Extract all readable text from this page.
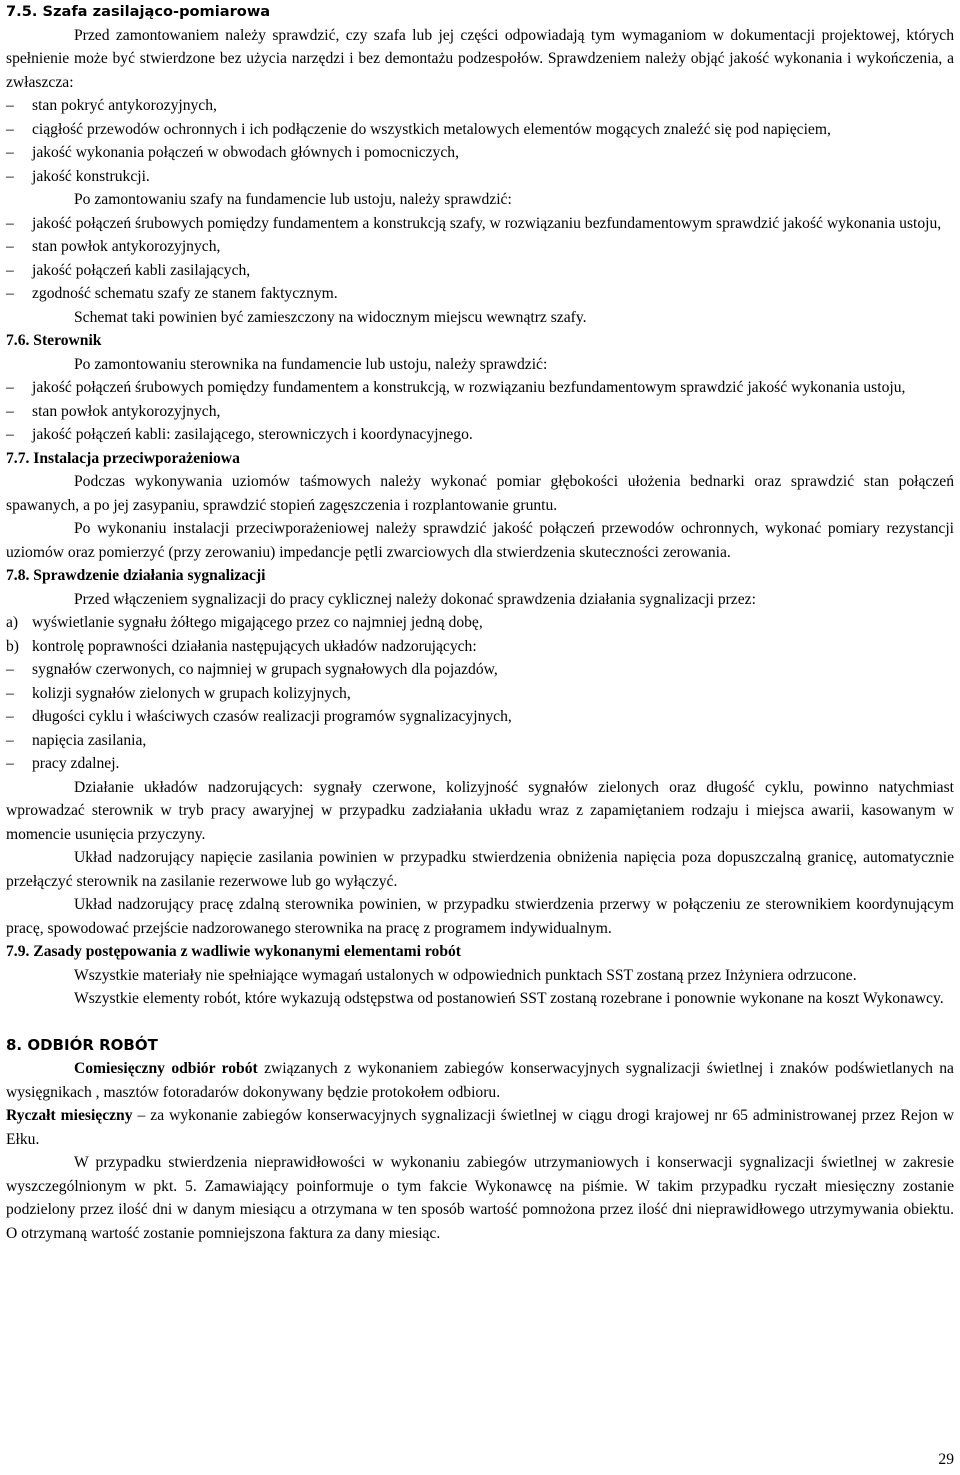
7.5. Szafa zasilająco-pomiarowa
Przed zamontowaniem należy sprawdzić, czy szafa lub jej części odpowiadają tym wymaganiom w dokumentacji projektowej, których spełnienie może być stwierdzone bez użycia narzędzi i bez demontażu podzespołów. Sprawdzeniem należy objąć jakość wykonania i wykończenia, a zwłaszcza:
– stan pokryć antykorozyjnych,
– ciągłość przewodów ochronnych i ich podłączenie do wszystkich metalowych elementów mogących znaleźć się pod napięciem,
– jakość wykonania połączeń w obwodach głównych i pomocniczych,
– jakość konstrukcji.
Po zamontowaniu szafy na fundamencie lub ustoju, należy sprawdzić:
– jakość połączeń śrubowych pomiędzy fundamentem a konstrukcją szafy, w rozwiązaniu bezfundamentowym sprawdzić jakość wykonania ustoju,
– stan powłok antykorozyjnych,
– jakość połączeń kabli zasilających,
– zgodność schematu szafy ze stanem faktycznym.
Schemat taki powinien być zamieszczony na widocznym miejscu wewnątrz szafy.
7.6. Sterownik
Po zamontowaniu sterownika na fundamencie lub ustoju, należy sprawdzić:
– jakość połączeń śrubowych pomiędzy fundamentem a konstrukcją, w rozwiązaniu bezfundamentowym sprawdzić jakość wykonania ustoju,
– stan powłok antykorozyjnych,
– jakość połączeń kabli: zasilającego, sterowniczych i koordynacyjnego.
7.7. Instalacja przeciwporażeniowa
Podczas wykonywania uziomów taśmowych należy wykonać pomiar głębokości ułożenia bednarki oraz sprawdzić stan połączeń spawanych, a po jej zasypaniu, sprawdzić stopień zagęszczenia i rozplantowanie gruntu.
Po wykonaniu instalacji przeciwporażeniowej należy sprawdzić jakość połączeń przewodów ochronnych, wykonać pomiary rezystancji uziomów oraz pomierzyć (przy zerowaniu) impedancje pętli zwarciowych dla stwierdzenia skuteczności zerowania.
7.8. Sprawdzenie działania sygnalizacji
Przed włączeniem sygnalizacji do pracy cyklicznej należy dokonać sprawdzenia działania sygnalizacji przez:
a) wyświetlanie sygnału żółtego migającego przez co najmniej jedną dobę,
b) kontrolę poprawności działania następujących układów nadzorujących:
– sygnałów czerwonych, co najmniej w grupach sygnałowych dla pojazdów,
– kolizji sygnałów zielonych w grupach kolizyjnych,
– długości cyklu i właściwych czasów realizacji programów sygnalizacyjnych,
– napięcia zasilania,
– pracy zdalnej.
Działanie układów nadzorujących: sygnały czerwone, kolizyjność sygnałów zielonych oraz długość cyklu, powinno natychmiast wprowadzać sterownik w tryb pracy awaryjnej w przypadku zadziałania układu wraz z zapamiętaniem rodzaju i miejsca awarii, kasowanym w momencie usunięcia przyczyny.
Układ nadzorujący napięcie zasilania powinien w przypadku stwierdzenia obniżenia napięcia poza dopuszczalną granicę, automatycznie przełączyć sterownik na zasilanie rezerwowe lub go wyłączyć.
Układ nadzorujący pracę zdalną sterownika powinien, w przypadku stwierdzenia przerwy w połączeniu ze sterownikiem koordynującym pracę, spowodować przejście nadzorowanego sterownika na pracę z programem indywidualnym.
7.9. Zasady postępowania z wadliwie wykonanymi elementami robót
Wszystkie materiały nie spełniające wymagań ustalonych w odpowiednich punktach SST zostaną przez Inżyniera odrzucone.
Wszystkie elementy robót, które wykazują odstępstwa od postanowień SST zostaną rozebrane i ponownie wykonane na koszt Wykonawcy.
8. ODBIÓR ROBÓT
Comiesięczny odbiór robót związanych z wykonaniem zabiegów konserwacyjnych sygnalizacji świetlnej i znaków podświetlanych na wysięgnikach , masztów fotoradarów dokonywany będzie protokołem odbioru.
Ryczałt miesięczny – za wykonanie zabiegów konserwacyjnych sygnalizacji świetlnej w ciągu drogi krajowej nr 65 administrowanej przez Rejon w Ełku.
W przypadku stwierdzenia nieprawidłowości w wykonaniu zabiegów utrzymaniowych i konserwacji sygnalizacji świetlnej w zakresie wyszczególnionym w pkt. 5. Zamawiający poinformuje o tym fakcie Wykonawcę na piśmie. W takim przypadku ryczałt miesięczny zostanie podzielony przez ilość dni w danym miesiącu a otrzymana w ten sposób wartość pomnożona przez ilość dni nieprawidłowego utrzymywania obiektu. O otrzymaną wartość zostanie pomniejszona faktura za dany miesiąc.
29
